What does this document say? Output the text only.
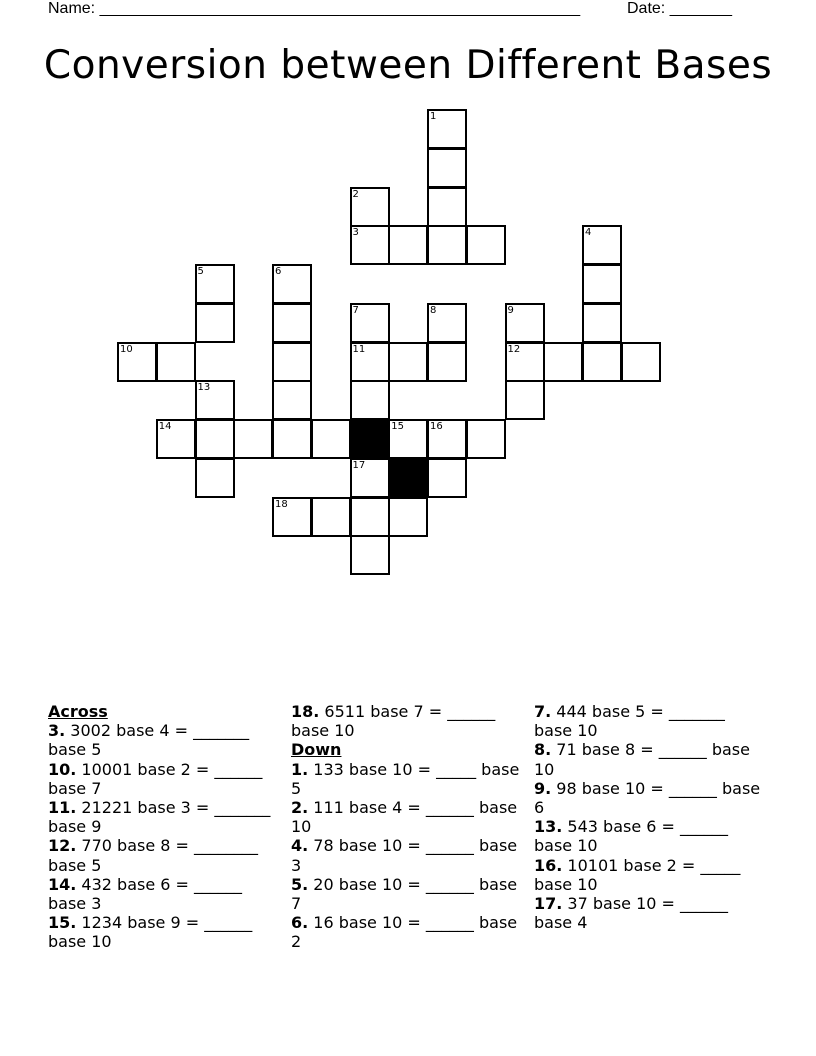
Name: ______________________________________________________	Date: _______
Conversion between Different Bases
1
2
3	4
5	6
7	8	9
10	11	12
13
14	15	16
17
18
Across
3. 3002 base 4 = _______ base 5
10. 10001 base 2 = ______ base 7
11. 21221 base 3 = _______ base 9
12. 770 base 8 = ________ base 5
14. 432 base 6 = ______ base 3
15. 1234 base 9 = ______ base 10
18. 6511 base 7 = ______ base 10
Down
1. 133 base 10 = _____ base 5
2. 111 base 4 = ______ base 10
4. 78 base 10 = ______ base 3
5. 20 base 10 = ______ base 7
6. 16 base 10 = ______ base 2
7. 444 base 5 = _______ base 10
8. 71 base 8 = ______ base 10
9. 98 base 10 = ______ base 6
13. 543 base 6 = ______ base 10
16. 10101 base 2 = _____ base 10
17. 37 base 10 = ______ base 4
